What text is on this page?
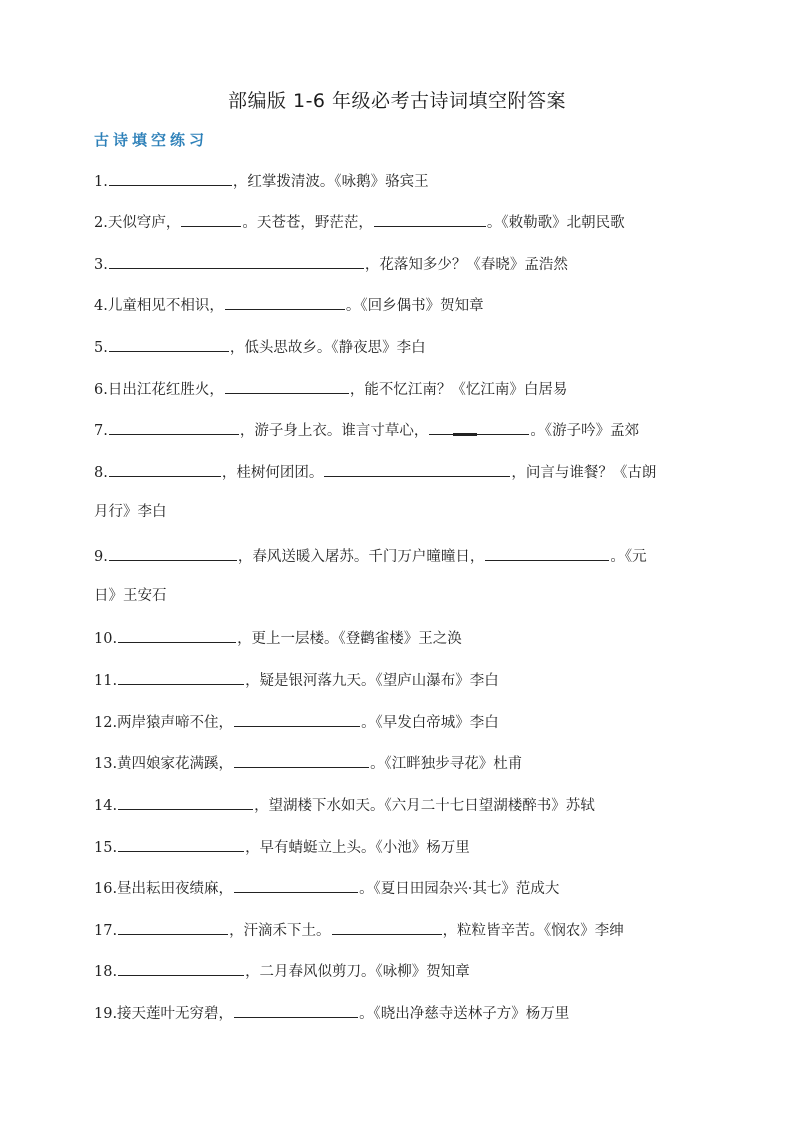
部编版 1-6 年级必考古诗词填空附答案
古诗填空练习
1.	，红掌拨清波。《咏鹅》骆宾王
2.天似穹庐，	。天苍苍，野茫茫，	。《敕勒歌》北朝民歌
3.	，花落知多少？《春晓》孟浩然
4.儿童相见不相识，	。《回乡偶书》贺知章
5.	，低头思故乡。《静夜思》李白
6.日出江花红胜火，	，能不忆江南？《忆江南》白居易
7.	，游子身上衣。谁言寸草心，	。《游子吟》孟郊
8.	，桂树何团团。	，问言与谁餐？《古朗
月行》李白
9.	，春风送暖入屠苏。千门万户曈曈日，	。《元
日》王安石
10.	，更上一层楼。《登鹳雀楼》王之涣
11.	，疑是银河落九天。《望庐山瀑布》李白
12.两岸猿声啼不住，	。《早发白帝城》李白
13.黄四娘家花满蹊，	。《江畔独步寻花》杜甫
14.	，望湖楼下水如天。《六月二十七日望湖楼醉书》苏轼
15.	，早有蜻蜓立上头。《小池》杨万里
16.昼出耘田夜绩麻，	。《夏日田园杂兴·其七》范成大
17.	，汗滴禾下土。	，粒粒皆辛苦。《悯农》李绅
18.	，二月春风似剪刀。《咏柳》贺知章
19.接天莲叶无穷碧，	。《晓出净慈寺送林子方》杨万里
